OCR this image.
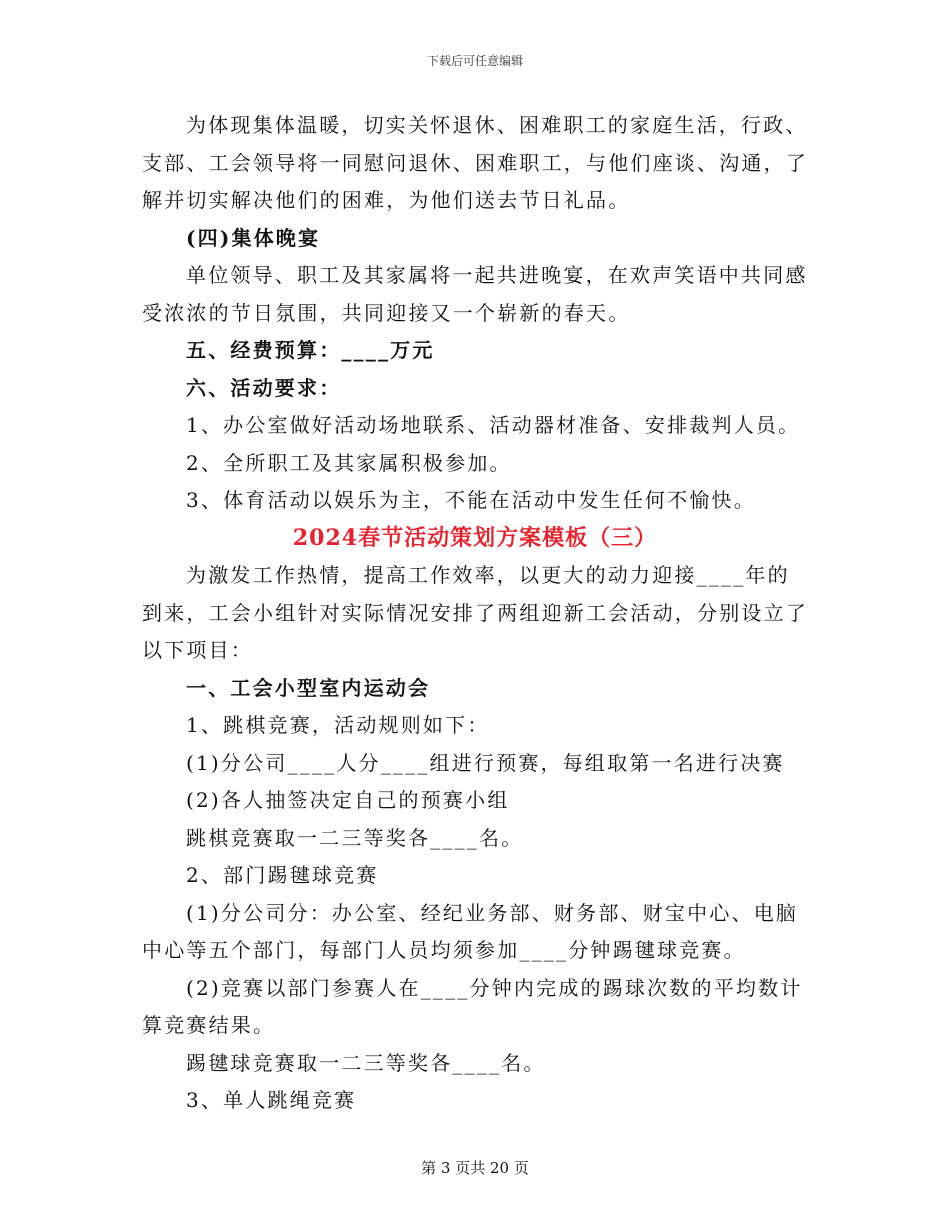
下载后可任意编辑

为体现集体温暖，切实关怀退休、困难职工的家庭生活，行政、支部、工会领导将一同慰问退休、困难职工，与他们座谈、沟通，了解并切实解决他们的困难，为他们送去节日礼品。

(四)集体晚宴

单位领导、职工及其家属将一起共进晚宴，在欢声笑语中共同感受浓浓的节日氛围，共同迎接又一个崭新的春天。

五、经费预算：____万元

六、活动要求：

1、办公室做好活动场地联系、活动器材准备、安排裁判人员。

2、全所职工及其家属积极参加。

3、体育活动以娱乐为主，不能在活动中发生任何不愉快。

2024春节活动策划方案模板（三）

为激发工作热情，提高工作效率，以更大的动力迎接____年的到来，工会小组针对实际情况安排了两组迎新工会活动，分别设立了以下项目：

一、工会小型室内运动会

1、跳棋竞赛，活动规则如下：

(1)分公司____人分____组进行预赛，每组取第一名进行决赛

(2)各人抽签决定自己的预赛小组

跳棋竞赛取一二三等奖各____名。

2、部门踢毽球竞赛

(1)分公司分：办公室、经纪业务部、财务部、财宝中心、电脑中心等五个部门，每部门人员均须参加____分钟踢毽球竞赛。

(2)竞赛以部门参赛人在____分钟内完成的踢球次数的平均数计算竞赛结果。

踢毽球竞赛取一二三等奖各____名。

3、单人跳绳竞赛

第 3 页共 20 页
